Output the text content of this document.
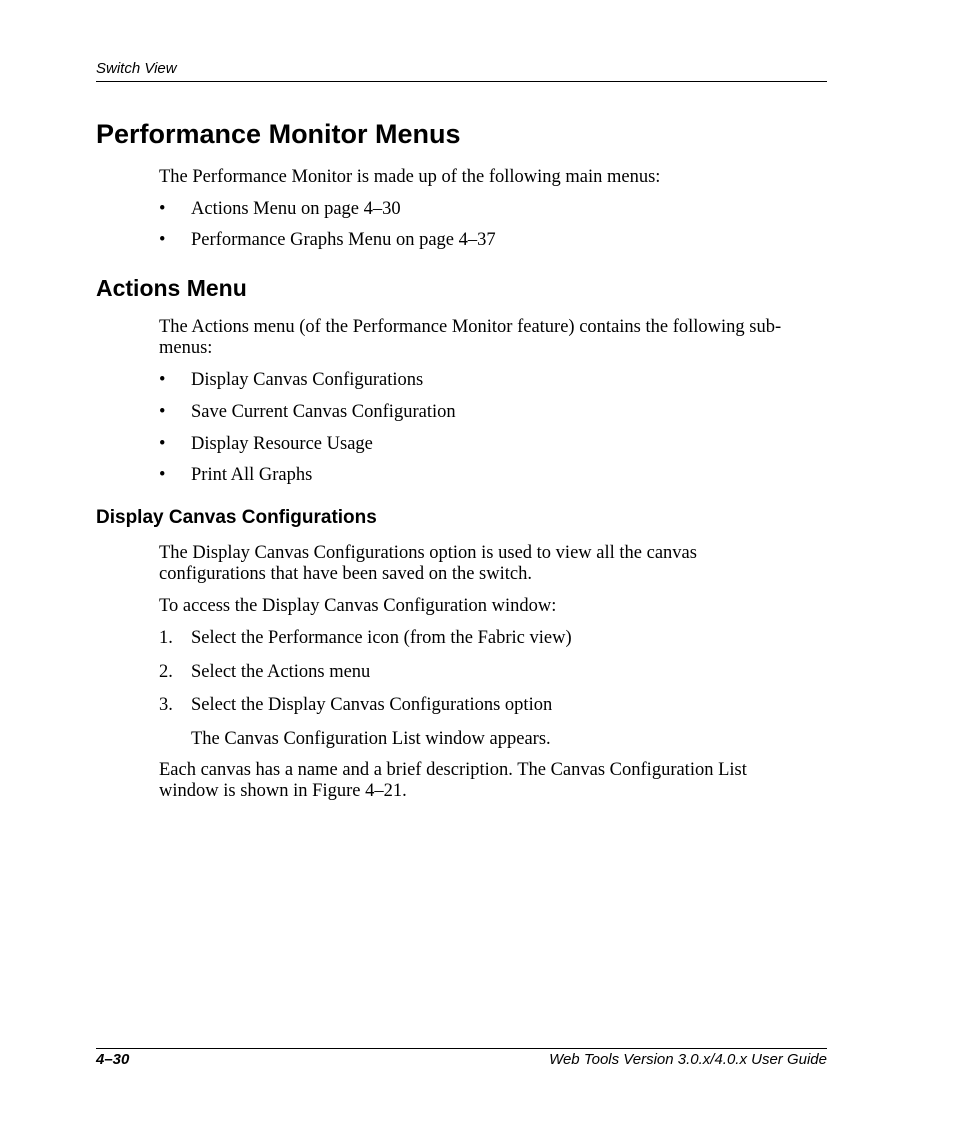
Switch View
Performance Monitor Menus
The Performance Monitor is made up of the following main menus:
• Actions Menu on page 4–30
• Performance Graphs Menu on page 4–37
Actions Menu
The Actions menu (of the Performance Monitor feature) contains the following sub-menus:
• Display Canvas Configurations
• Save Current Canvas Configuration
• Display Resource Usage
• Print All Graphs
Display Canvas Configurations
The Display Canvas Configurations option is used to view all the canvas configurations that have been saved on the switch.
To access the Display Canvas Configuration window:
1. Select the Performance icon (from the Fabric view)
2. Select the Actions menu
3. Select the Display Canvas Configurations option
The Canvas Configuration List window appears.
Each canvas has a name and a brief description. The Canvas Configuration List window is shown in Figure 4–21.
4–30	Web Tools Version 3.0.x/4.0.x User Guide
